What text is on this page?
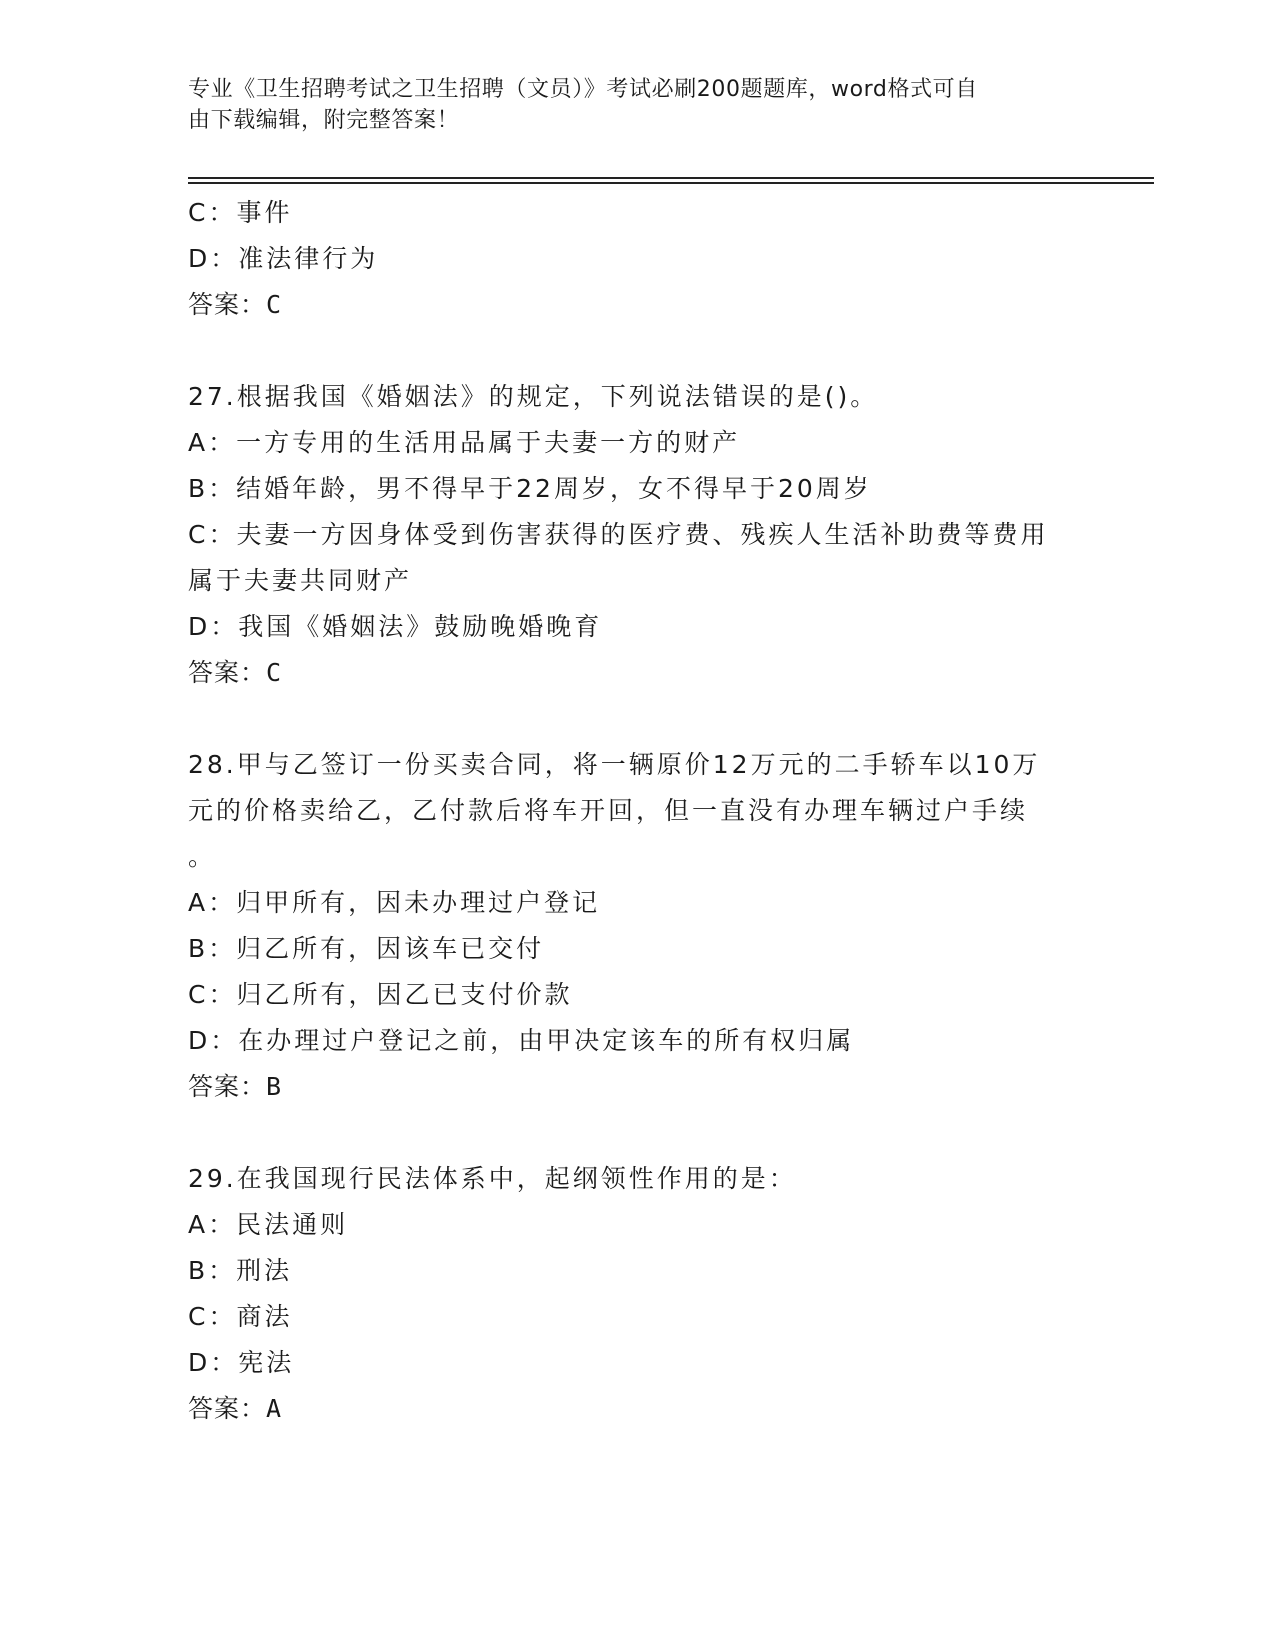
专业《卫生招聘考试之卫生招聘（文员）》考试必刷200题题库，word格式可自
由下载编辑，附完整答案！
C：事件
D：准法律行为
答案：C
27.根据我国《婚姻法》的规定，下列说法错误的是()。
A：一方专用的生活用品属于夫妻一方的财产
B：结婚年龄，男不得早于22周岁，女不得早于20周岁
C：夫妻一方因身体受到伤害获得的医疗费、残疾人生活补助费等费用
属于夫妻共同财产
D：我国《婚姻法》鼓励晚婚晚育
答案：C
28.甲与乙签订一份买卖合同，将一辆原价12万元的二手轿车以10万
元的价格卖给乙，乙付款后将车开回，但一直没有办理车辆过户手续
。
A：归甲所有，因未办理过户登记
B：归乙所有，因该车已交付
C：归乙所有，因乙已支付价款
D：在办理过户登记之前，由甲决定该车的所有权归属
答案：B
29.在我国现行民法体系中，起纲领性作用的是：
A：民法通则
B：刑法
C：商法
D：宪法
答案：A
